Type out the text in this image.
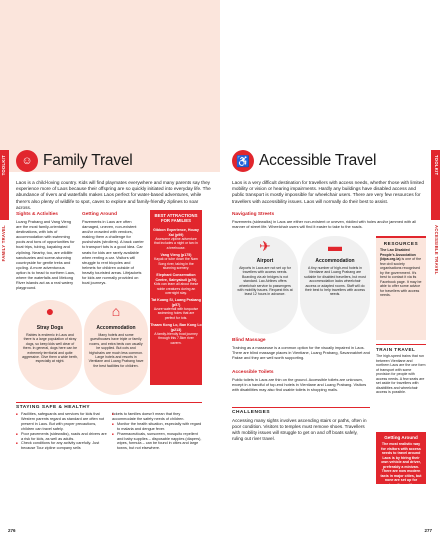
TOOLKIT
FAMILY TRAVEL
☺ Family Travel

Laos is a child-loving country. Kids will find playmates everywhere and many parents say they experience more of Laos because their offspring are so quickly initiated into everyday life. The abundance of rivers and waterfalls makes Laos perfect for water-based adventures, while there's also plenty of wildlife to spot, caves to explore and family-friendly ziplines to soar across.

Sights & Activities

Luang Prabang and Vang Vieng are the most family-orientated destinations, with lots of accommodation with swimming pools and tons of opportunities for boat trips, tubing, kayaking and ziplining. Nearby, too, are wildlife sanctuaries and scene-stunning countryside for gentle treks and cycling. A more adventurous option is to head to northern Laos, where the waterfalls and Mekong River islands act as a real watery playground.

Getting Around

Pavements in Laos are often damaged, uneven, non-existent and/or crowded with vendors, making them a challenge for pushchairs (strollers). A back carrier to transport tots is a good idea. Car seats for kids are rarely available when renting a car. Visitors will struggle to rent bicycles and helmets for children outside of heavily touristed areas. Lifejackets for kids are normally provided on boat journeys.

BEST ATTRACTIONS FOR FAMILIES
Gibbon Experience, Houay Xai (p99)
Awesome zipline adventure that includes a night or two in a treehouse.
Vang Vieng (p175)
Kayak or tube down the Nam Song river, taking in the stunning scenery.
Elephant Conservation Centre, Sainyabuli (p79)
Kids can learn all about these noble creatures during an overnight stay.
Tat Kuang Si, Luang Prabang (p57)
Azure waterfall with turquoise swimming holes that are perfect for tots.
Thaam Kong Lo, Ban Kong Lo (p213)
A family-friendly boat journey through this 7.5km river cavern.
●
Stray Dogs
Rabies is endemic in Laos and there is a large population of stray dogs, so keep kids well clear of them. In general, dogs here can be extremely territorial and quite aggressive. Give them a wide berth, especially at night.
⌂
Accommodation
Many hotels and some guesthouses have triple or family rooms, and extra beds can usually be supplied. But cots and highchairs are much less common. Large hotels and resorts in Vientiane and Luang Prabang have the best facilities for children.
STAYING SAFE & HEALTHY
■ Facilities, safeguards and services for kids that Western parents regard as standard are often not present in Laos. But with proper precautions, children can travel safely.
■ Poor pavements (sidewalks), roads and drivers are a risk for kids, as well as adults.
■ Check conditions for any activity carefully. Just because Tour zipline company sells
■ tickets to families doesn't mean that they accommodate the safety needs of children.
■ Monitor the health situation, especially with regard to malaria and dengue fever.
■ Pharmaceuticals, sunscreen, mosquito repellent and baby supplies – disposable nappies (diapers), wipes, formula – can be found in cities and large towns, but not elsewhere.
276
TOOLKIT
ACCESSIBLE TRAVEL
♿ Accessible Travel

Laos is a very difficult destination for travellers with access needs, whether those with limited mobility or vision or hearing impairments. Hardly any buildings have disabled access and public transport is mostly impossible for wheelchair users. There are very few resources for travellers with accessibility issues. Laos will normally do their best to assist.

Navigating Streets

Pavements (sidewalks) in Laos are either non-existent or uneven, riddled with holes and/or jammed with all manner of street life. Wheelchair users will find it easier to take to the roads.

✈
Airport
Airports in Laos are not set up for travellers with access needs. Boarding via air bridges is not standard. Lao Airlines offers wheelchair service to passengers with mobility issues. Request this at least 12 hours in advance.
▬
Accommodation
A tiny number of high-end hotels in Vientiane and Luang Prabang are suitable for disabled travellers, but most accommodation lacks wheelchair access or adapted rooms. Staff will do their best to help travellers with access needs.
RESOURCES
The Lao Disabled People's Association (ldpa.org.la) is one of the few civil society organisations recognised by the government. It's best to contact it via its Facebook page. It may be able to offer some advice for travellers with access needs.
Blind Massage

Training as a masseuse is a common option for the visually impaired in Laos. There are blind massage places in Vientiane, Luang Prabang, Savannakhet and Pakse and they are well worth supporting.

Accessible Toilets

Public toilets in Laos are thin on the ground. Accessible toilets are unknown, except in a handful of top-end hotels in Vientiane and Luang Prabang. Visitors with disabilities may also find usable toilets in shopping malls.

TRAIN TRAVEL

The high-speed trains that run between Vientiane and northern Laos are the one form of transport with some provision for people with access needs. A few seats are set aside for travellers with disabilities and wheelchair access is possible.

CHALLENGES

Accessing many sights involves ascending stairs or paths, often in poor condition. Visitors to temples must remove shoes. Travellers with mobility issues will struggle to get on and off boats safely, ruling out river travel.	Getting Around
The most realistic way for visitors with access needs to travel around Laos is by hiring their own vehicle and driver, preferably a minivan. There are now modern taxis in major cities, but none are set up for travellers with disabilities.
277
